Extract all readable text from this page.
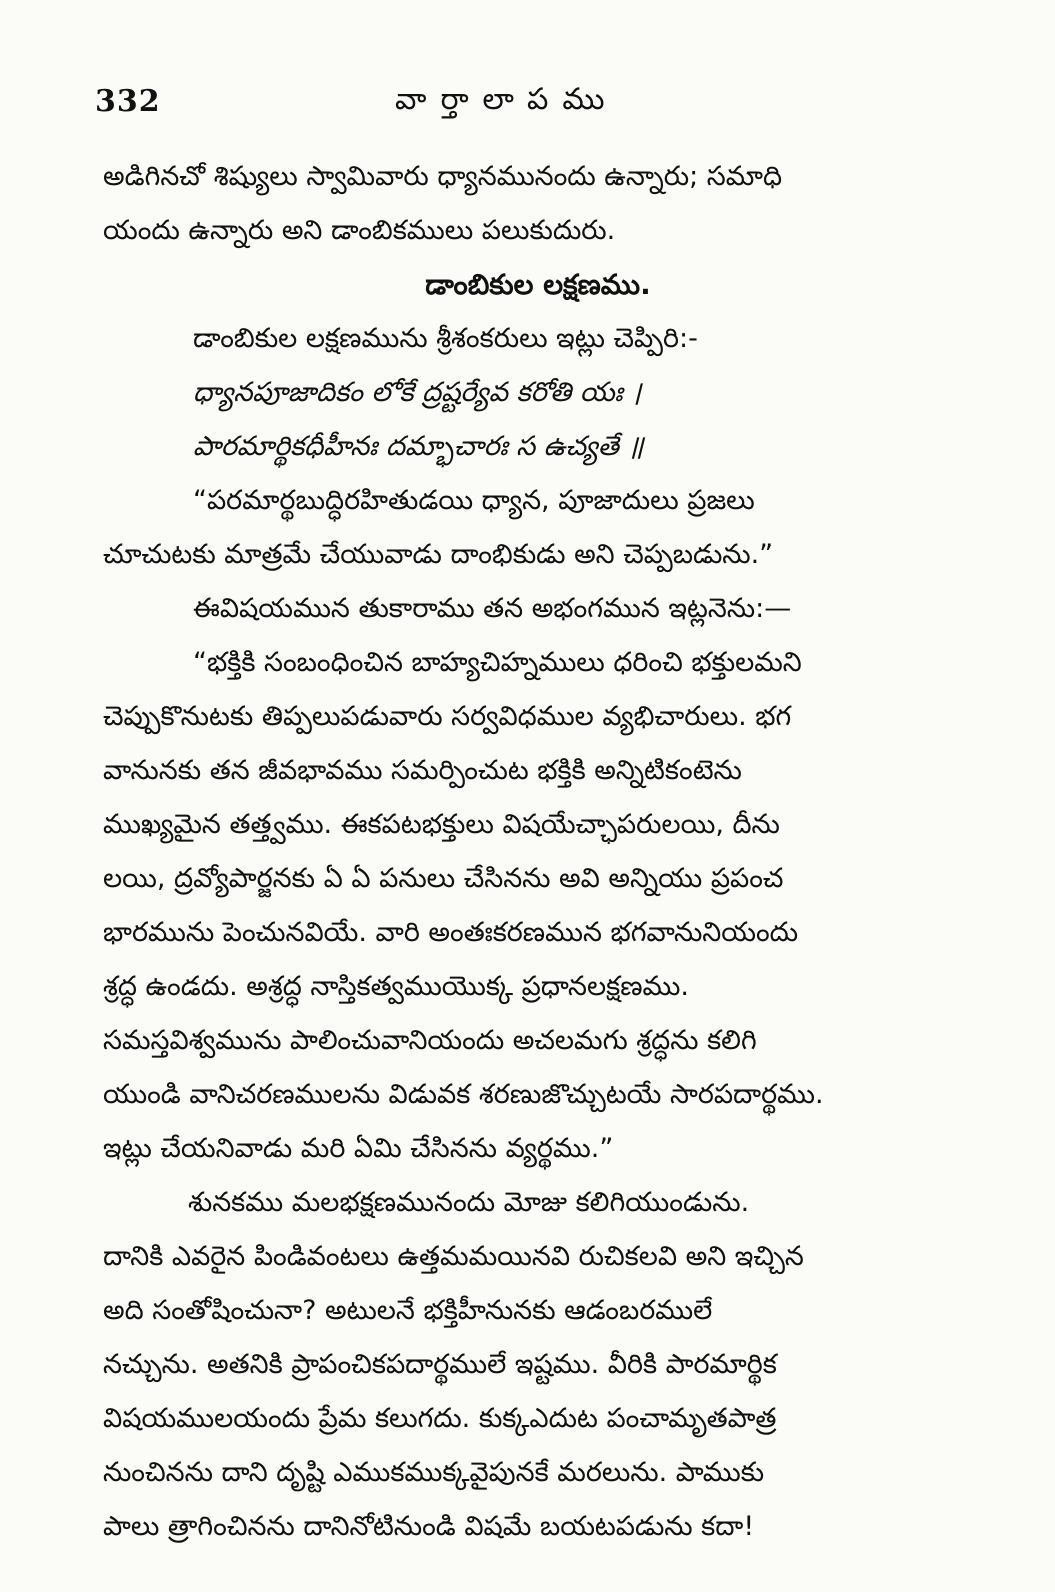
332	వార్తాలాపము
అడిగినచో శిష్యులు స్వామివారు ధ్యానమునందు ఉన్నారు; సమాధి
యందు ఉన్నారు అని డాంబికములు పలుకుదురు.
డాంబికుల లక్షణము.
డాంబికుల లక్షణమును శ్రీశంకరులు ఇట్లు చెప్పిరి:-
ధ్యానపూజాదికం లోకే ద్రష్టర్యేవ కరోతి యః ।
పారమార్థికధీహీనః దమ్భాచారః స ఉచ్యతే ॥
“పరమార్థబుద్ధిరహితుడయి ధ్యాన, పూజాదులు ప్రజలు
చూచుటకు మాత్రమే చేయువాడు దాంభికుడు అని చెప్పబడును.”
ఈవిషయమున తుకారాము తన అభంగమున ఇట్లనెను:—
“భక్తికి సంబంధించిన బాహ్యచిహ్నములు ధరించి భక్తులమని
చెప్పుకొనుటకు తిప్పలుపడువారు సర్వవిధముల వ్యభిచారులు. భగ
వానునకు తన జీవభావము సమర్పించుట భక్తికి అన్నిటికంటెను
ముఖ్యమైన తత్త్వము. ఈకపటభక్తులు విషయేచ్ఛాపరులయి, దీను
లయి, ద్రవ్యోపార్జనకు ఏ ఏ పనులు చేసినను అవి అన్నియు ప్రపంచ
భారమును పెంచునవియే. వారి అంతఃకరణమున భగవానునియందు
శ్రద్ధ ఉండదు. అశ్రద్ధ నాస్తికత్వముయొక్క ప్రధానలక్షణము.
సమస్తవిశ్వమును పాలించువానియందు అచలమగు శ్రద్ధను కలిగి
యుండి వానిచరణములను విడువక శరణుజొచ్చుటయే సారపదార్థము.
ఇట్లు చేయనివాడు మరి ఏమి చేసినను వ్యర్థము.”
శునకము మలభక్షణమునందు మోజు కలిగియుండును.
దానికి ఎవరైన పిండివంటలు ఉత్తమమయినవి రుచికలవి అని ఇచ్చిన
అది సంతోషించునా? అటులనే భక్తిహీనునకు ఆడంబరములే
నచ్చును. అతనికి ప్రాపంచికపదార్థములే ఇష్టము. వీరికి పారమార్థిక
విషయములయందు ప్రేమ కలుగదు. కుక్కఎదుట పంచామృతపాత్ర
నుంచినను దాని దృష్టి ఎముకముక్కవైపునకే మరలును. పాముకు
పాలు త్రాగించినను దానినోటినుండి విషమే బయటపడును కదా!
